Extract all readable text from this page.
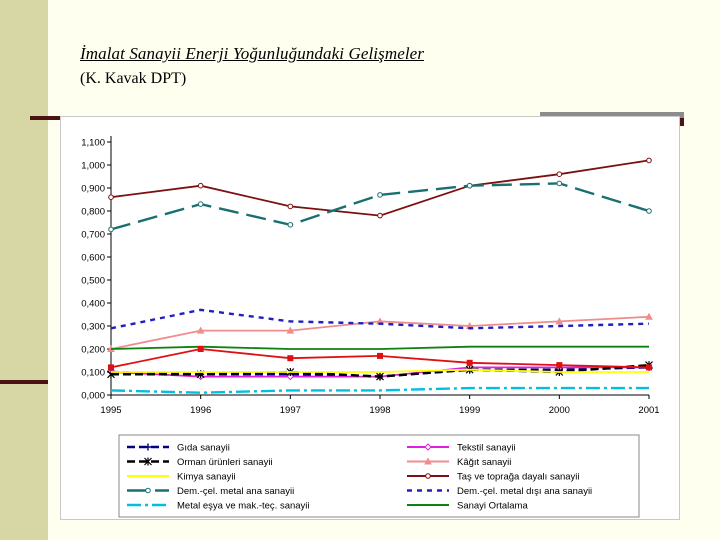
İmalat Sanayii Enerji Yoğunluğundaki Gelişmeler

(K. Kavak DPT)

0,000
0,100
0,200
0,300
0,400
0,500
0,600
0,700
0,800
0,900
1,000
1,100
1995	1996	1997	1998	1999	2000	2001
Gıda sanayii	Tekstil sanayii
Orman ürünleri sanayii	Kâğıt sanayii
Kimya sanayii	Taş ve toprağa dayalı sanayii
Dem.-çel. metal ana sanayii	Dem.-çel. metal dışı ana sanayii
Metal eşya ve mak.-teç. sanayii	Sanayi Ortalama
